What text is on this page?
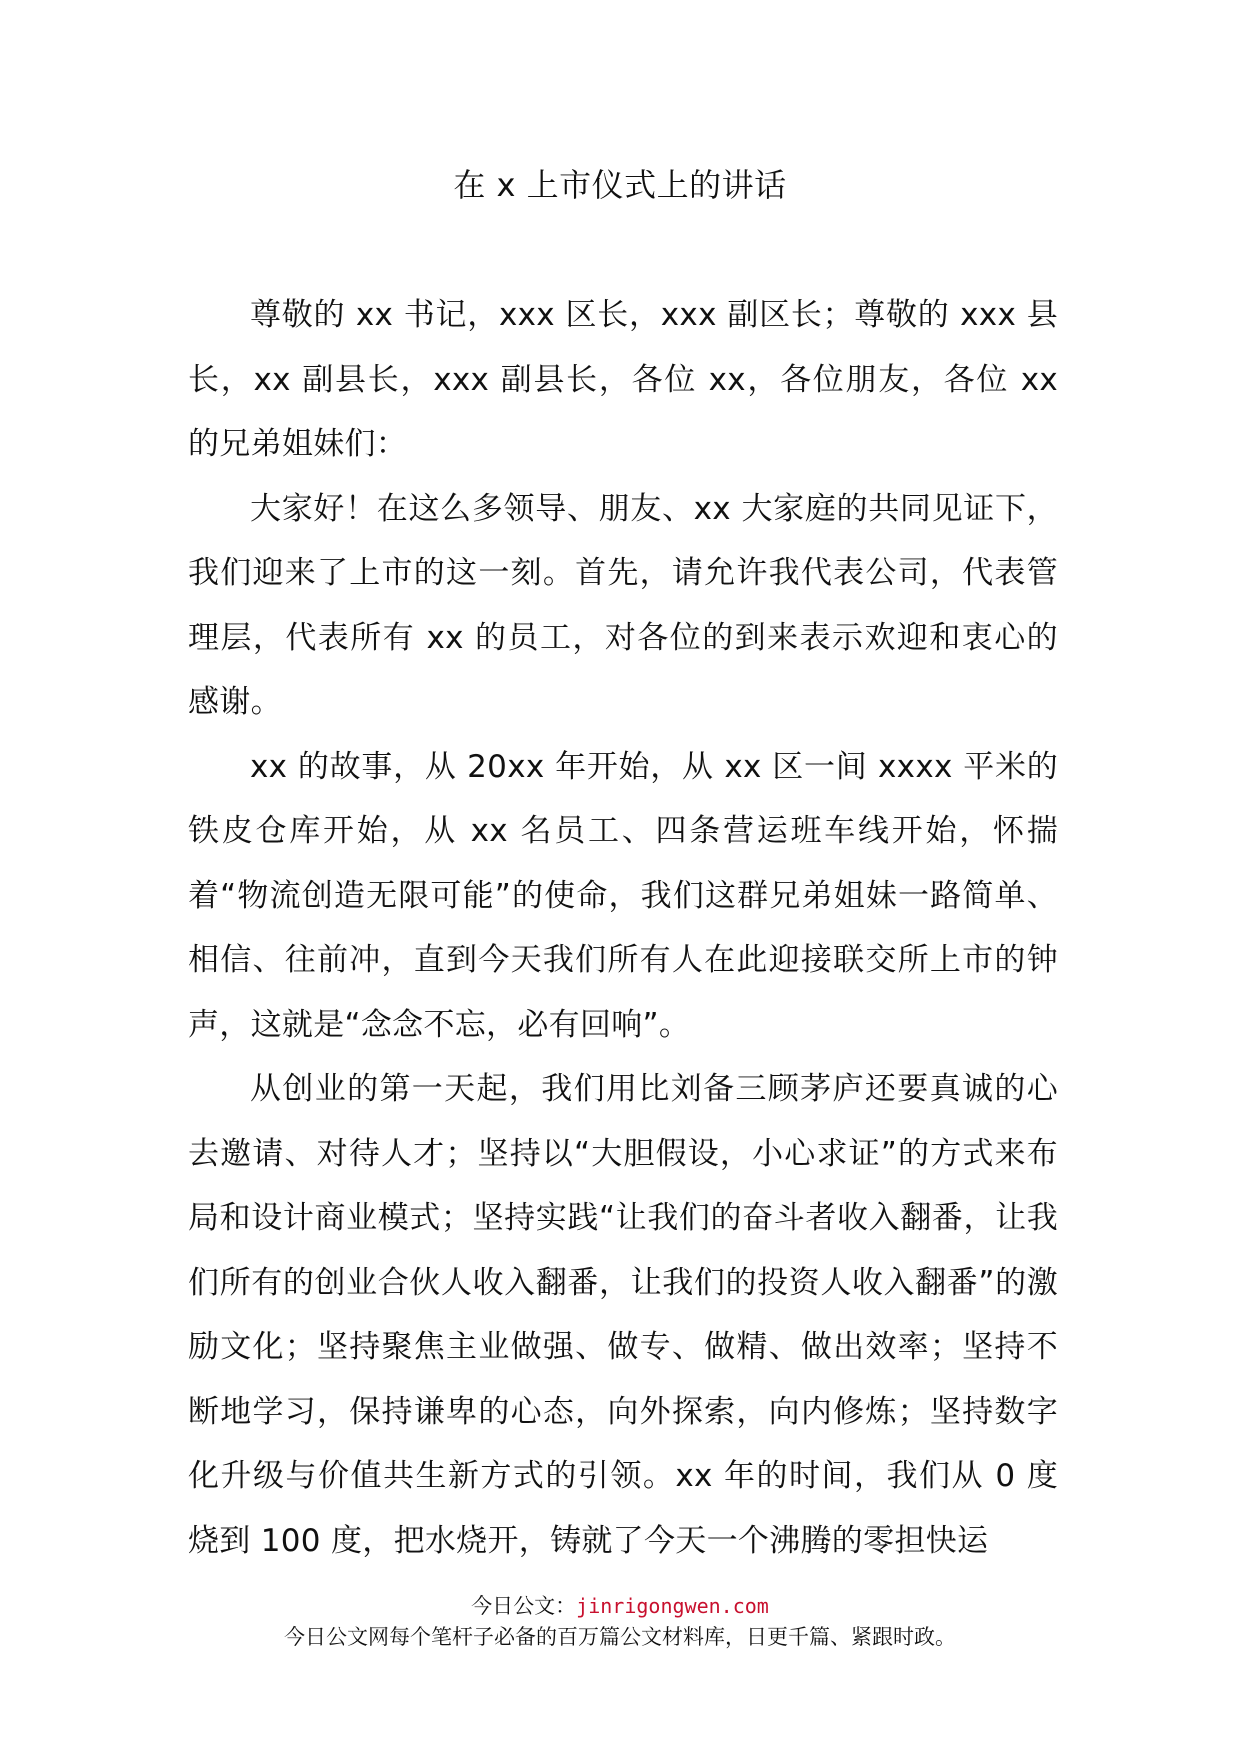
在 x 上市仪式上的讲话

尊敬的 xx 书记，xxx 区长，xxx 副区长；尊敬的 xxx 县长，xx 副县长，xxx 副县长，各位 xx，各位朋友，各位 xx 的兄弟姐妹们：

大家好！在这么多领导、朋友、xx 大家庭的共同见证下，我们迎来了上市的这一刻。首先，请允许我代表公司，代表管理层，代表所有 xx 的员工，对各位的到来表示欢迎和衷心的感谢。

xx 的故事，从 20xx 年开始，从 xx 区一间 xxxx 平米的铁皮仓库开始，从 xx 名员工、四条营运班车线开始，怀揣着“物流创造无限可能”的使命，我们这群兄弟姐妹一路简单、相信、往前冲，直到今天我们所有人在此迎接联交所上市的钟声，这就是“念念不忘，必有回响”。

从创业的第一天起，我们用比刘备三顾茅庐还要真诚的心去邀请、对待人才；坚持以“大胆假设，小心求证”的方式来布局和设计商业模式；坚持实践“让我们的奋斗者收入翻番，让我们所有的创业合伙人收入翻番，让我们的投资人收入翻番”的激励文化；坚持聚焦主业做强、做专、做精、做出效率；坚持不断地学习，保持谦卑的心态，向外探索，向内修炼；坚持数字化升级与价值共生新方式的引领。xx 年的时间，我们从 0 度烧到 100 度，把水烧开，铸就了今天一个沸腾的零担快运

今日公文：jinrigongwen.com
今日公文网每个笔杆子必备的百万篇公文材料库，日更千篇、紧跟时政。
